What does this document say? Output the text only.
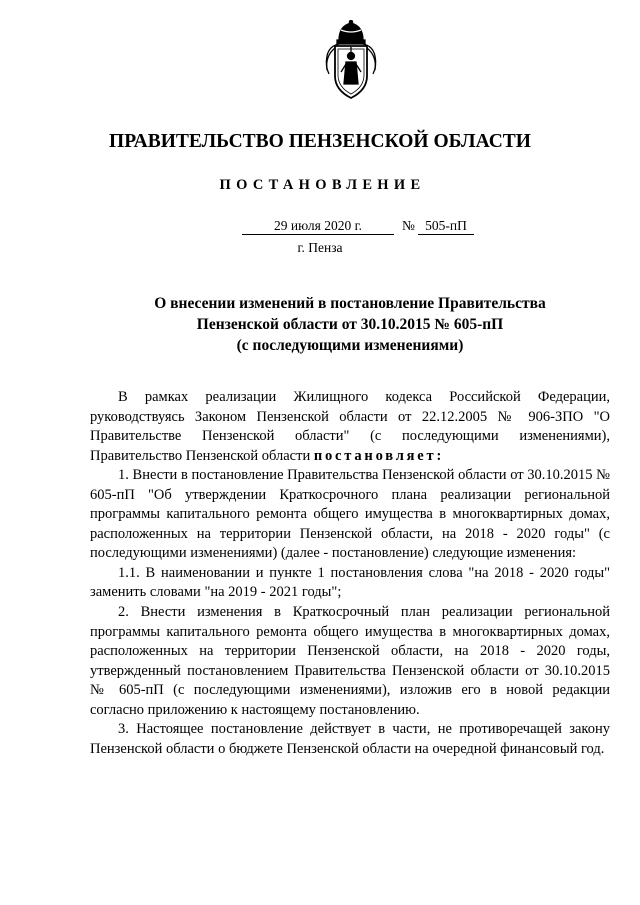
ПРАВИТЕЛЬСТВО ПЕНЗЕНСКОЙ ОБЛАСТИ
ПОСТАНОВЛЕНИЕ
29 июля 2020 г.	№ 505-пП
г. Пенза
О внесении изменений в постановление Правительства
Пензенской области от 30.10.2015 № 605-пП
(с последующими изменениями)

В рамках реализации Жилищного кодекса Российской Федерации, руководствуясь Законом Пензенской области от 22.12.2005 № 906-ЗПО "О Правительстве Пензенской области" (с последующими изменениями), Правительство Пензенской области постановляет:

1. Внести в постановление Правительства Пензенской области от 30.10.2015 № 605-пП "Об утверждении Краткосрочного плана реализации региональной программы капитального ремонта общего имущества в многоквартирных домах, расположенных на территории Пензенской области, на 2018 - 2020 годы" (с последующими изменениями) (далее - постановление) следующие изменения:

1.1. В наименовании и пункте 1 постановления слова "на 2018 - 2020 годы" заменить словами "на 2019 - 2021 годы";

2. Внести изменения в Краткосрочный план реализации региональной программы капитального ремонта общего имущества в многоквартирных домах, расположенных на территории Пензенской области, на 2018 - 2020 годы, утвержденный постановлением Правительства Пензенской области от 30.10.2015 № 605-пП (с последующими изменениями), изложив его в новой редакции согласно приложению к настоящему постановлению.

3. Настоящее постановление действует в части, не противоречащей закону Пензенской области о бюджете Пензенской области на очередной финансовый год.
